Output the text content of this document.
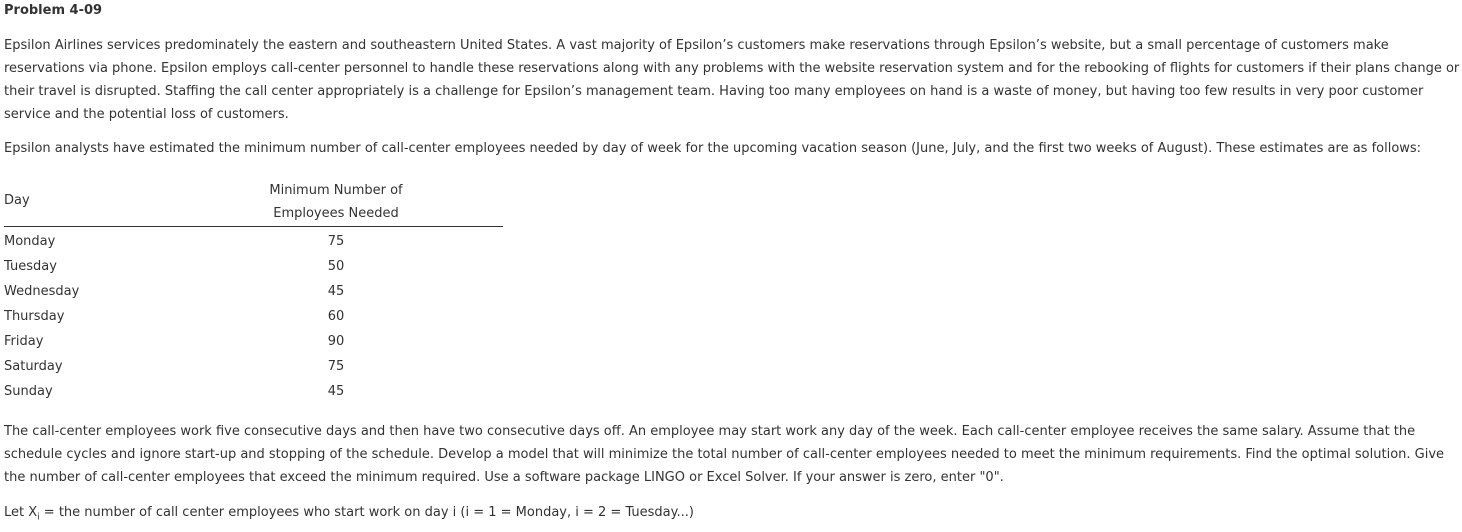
Problem 4-09

Epsilon Airlines services predominately the eastern and southeastern United States. A vast majority of Epsilon’s customers make reservations through Epsilon’s website, but a small percentage of customers make reservations via phone. Epsilon employs call-center personnel to handle these reservations along with any problems with the website reservation system and for the rebooking of flights for customers if their plans change or their travel is disrupted. Staffing the call center appropriately is a challenge for Epsilon’s management team. Having too many employees on hand is a waste of money, but having too few results in very poor customer service and the potential loss of customers.

Epsilon analysts have estimated the minimum number of call-center employees needed by day of week for the upcoming vacation season (June, July, and the first two weeks of August). These estimates are as follows:

Day
Minimum Number of
Employees Needed
Monday	75
Tuesday	50
Wednesday	45
Thursday	60
Friday	90
Saturday	75
Sunday	45

The call-center employees work five consecutive days and then have two consecutive days off. An employee may start work any day of the week. Each call-center employee receives the same salary. Assume that the schedule cycles and ignore start-up and stopping of the schedule. Develop a model that will minimize the total number of call-center employees needed to meet the minimum requirements. Find the optimal solution. Give the number of call-center employees that exceed the minimum required. Use a software package LINGO or Excel Solver. If your answer is zero, enter "0".

Let $X_i$ = the number of call center employees who start work on day i (i = 1 = Monday, i = 2 = Tuesday...)
